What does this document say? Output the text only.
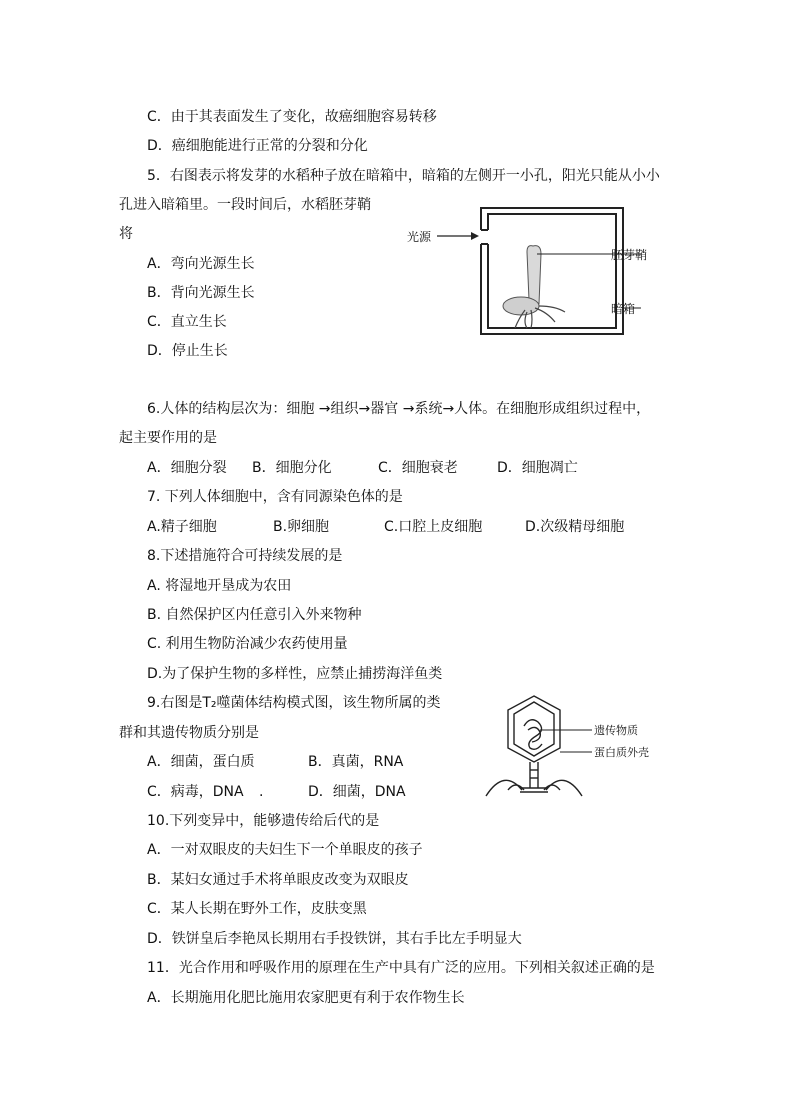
C．由于其表面发生了变化，故癌细胞容易转移
D．癌细胞能进行正常的分裂和分化
5．右图表示将发芽的水稻种子放在暗箱中，暗箱的左侧开一小孔，阳光只能从小小
孔进入暗箱里。一段时间后，水稻胚芽鞘
将
A．弯向光源生长
B．背向光源生长
C．直立生长
D．停止生长
光源
胚芽鞘
暗箱
6.人体的结构层次为：细胞 →组织→器官 →系统→人体。在细胞形成组织过程中，
起主要作用的是
A．细胞分裂 B．细胞分化	C．细胞衰老	D．细胞凋亡
7. 下列人体细胞中，含有同源染色体的是
A.精子细胞	B.卵细胞	C.口腔上皮细胞	D.次级精母细胞
8.下述措施符合可持续发展的是
A. 将湿地开垦成为农田
B. 自然保护区内任意引入外来物种
C. 利用生物防治减少农药使用量
D.为了保护生物的多样性，应禁止捕捞海洋鱼类
9.右图是T₂噬菌体结构模式图，该生物所属的类
群和其遗传物质分别是
A．细菌，蛋白质	B．真菌，RNA
C．病毒，DNA .	D．细菌，DNA
遗传物质
蛋白质外壳
10.下列变异中，能够遗传给后代的是
A．一对双眼皮的夫妇生下一个单眼皮的孩子
B．某妇女通过手术将单眼皮改变为双眼皮
C．某人长期在野外工作，皮肤变黑
D．铁饼皇后李艳凤长期用右手投铁饼，其右手比左手明显大
11．光合作用和呼吸作用的原理在生产中具有广泛的应用。下列相关叙述正确的是
A．长期施用化肥比施用农家肥更有利于农作物生长
